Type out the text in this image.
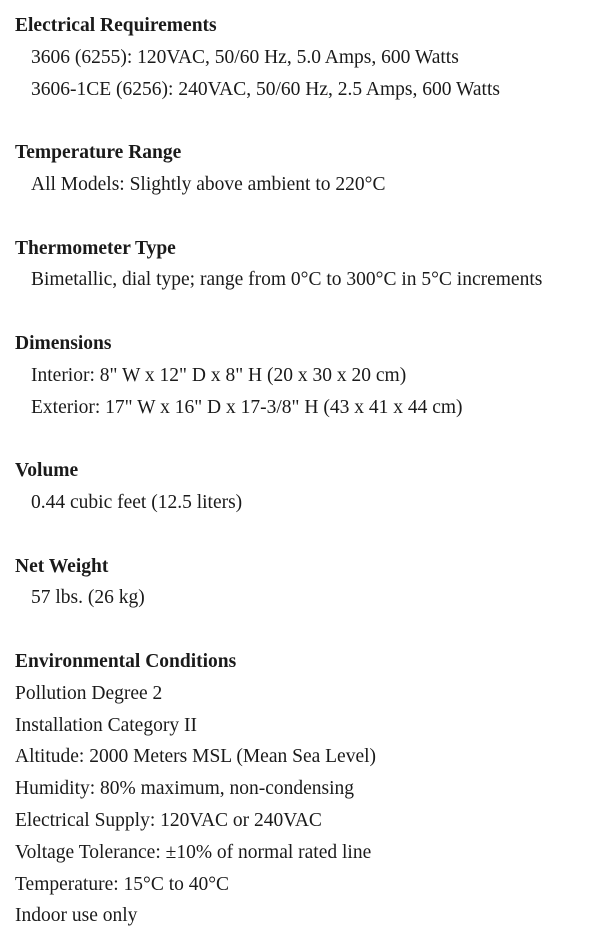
Electrical Requirements
3606 (6255): 120VAC, 50/60 Hz, 5.0 Amps, 600 Watts
3606-1CE (6256): 240VAC, 50/60 Hz, 2.5 Amps, 600 Watts
Temperature Range
All Models: Slightly above ambient to 220°C
Thermometer Type
Bimetallic, dial type; range from 0°C to 300°C in 5°C increments
Dimensions
Interior: 8" W x 12" D x 8" H (20 x 30 x 20 cm)
Exterior: 17" W x 16" D x 17-3/8" H (43 x 41 x 44 cm)
Volume
0.44 cubic feet (12.5 liters)
Net Weight
57 lbs. (26 kg)
Environmental Conditions
Pollution Degree 2
Installation Category II
Altitude: 2000 Meters MSL (Mean Sea Level)
Humidity: 80% maximum, non-condensing
Electrical Supply: 120VAC or 240VAC
Voltage Tolerance: ±10% of normal rated line
Temperature: 15°C to 40°C
Indoor use only
